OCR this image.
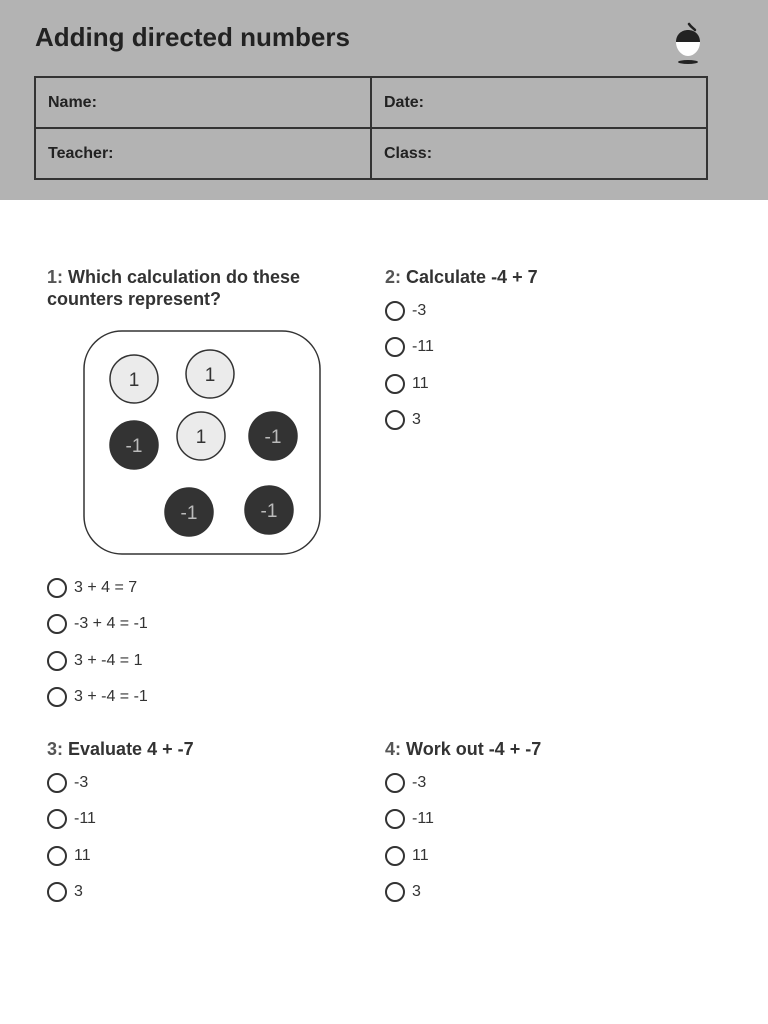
Adding directed numbers
Name:	Date:
Teacher:	Class:
1: Which calculation do these
counters represent?
1	1
-1	1	-1
-1	-1
3 + 4 = 7
-3 + 4 = -1
3 + -4 = 1
3 + -4 = -1
2: Calculate -4 + 7
-3
-11
11
3
3: Evaluate 4 + -7
-3
-11
11
3
4: Work out -4 + -7
-3
-11
11
3
